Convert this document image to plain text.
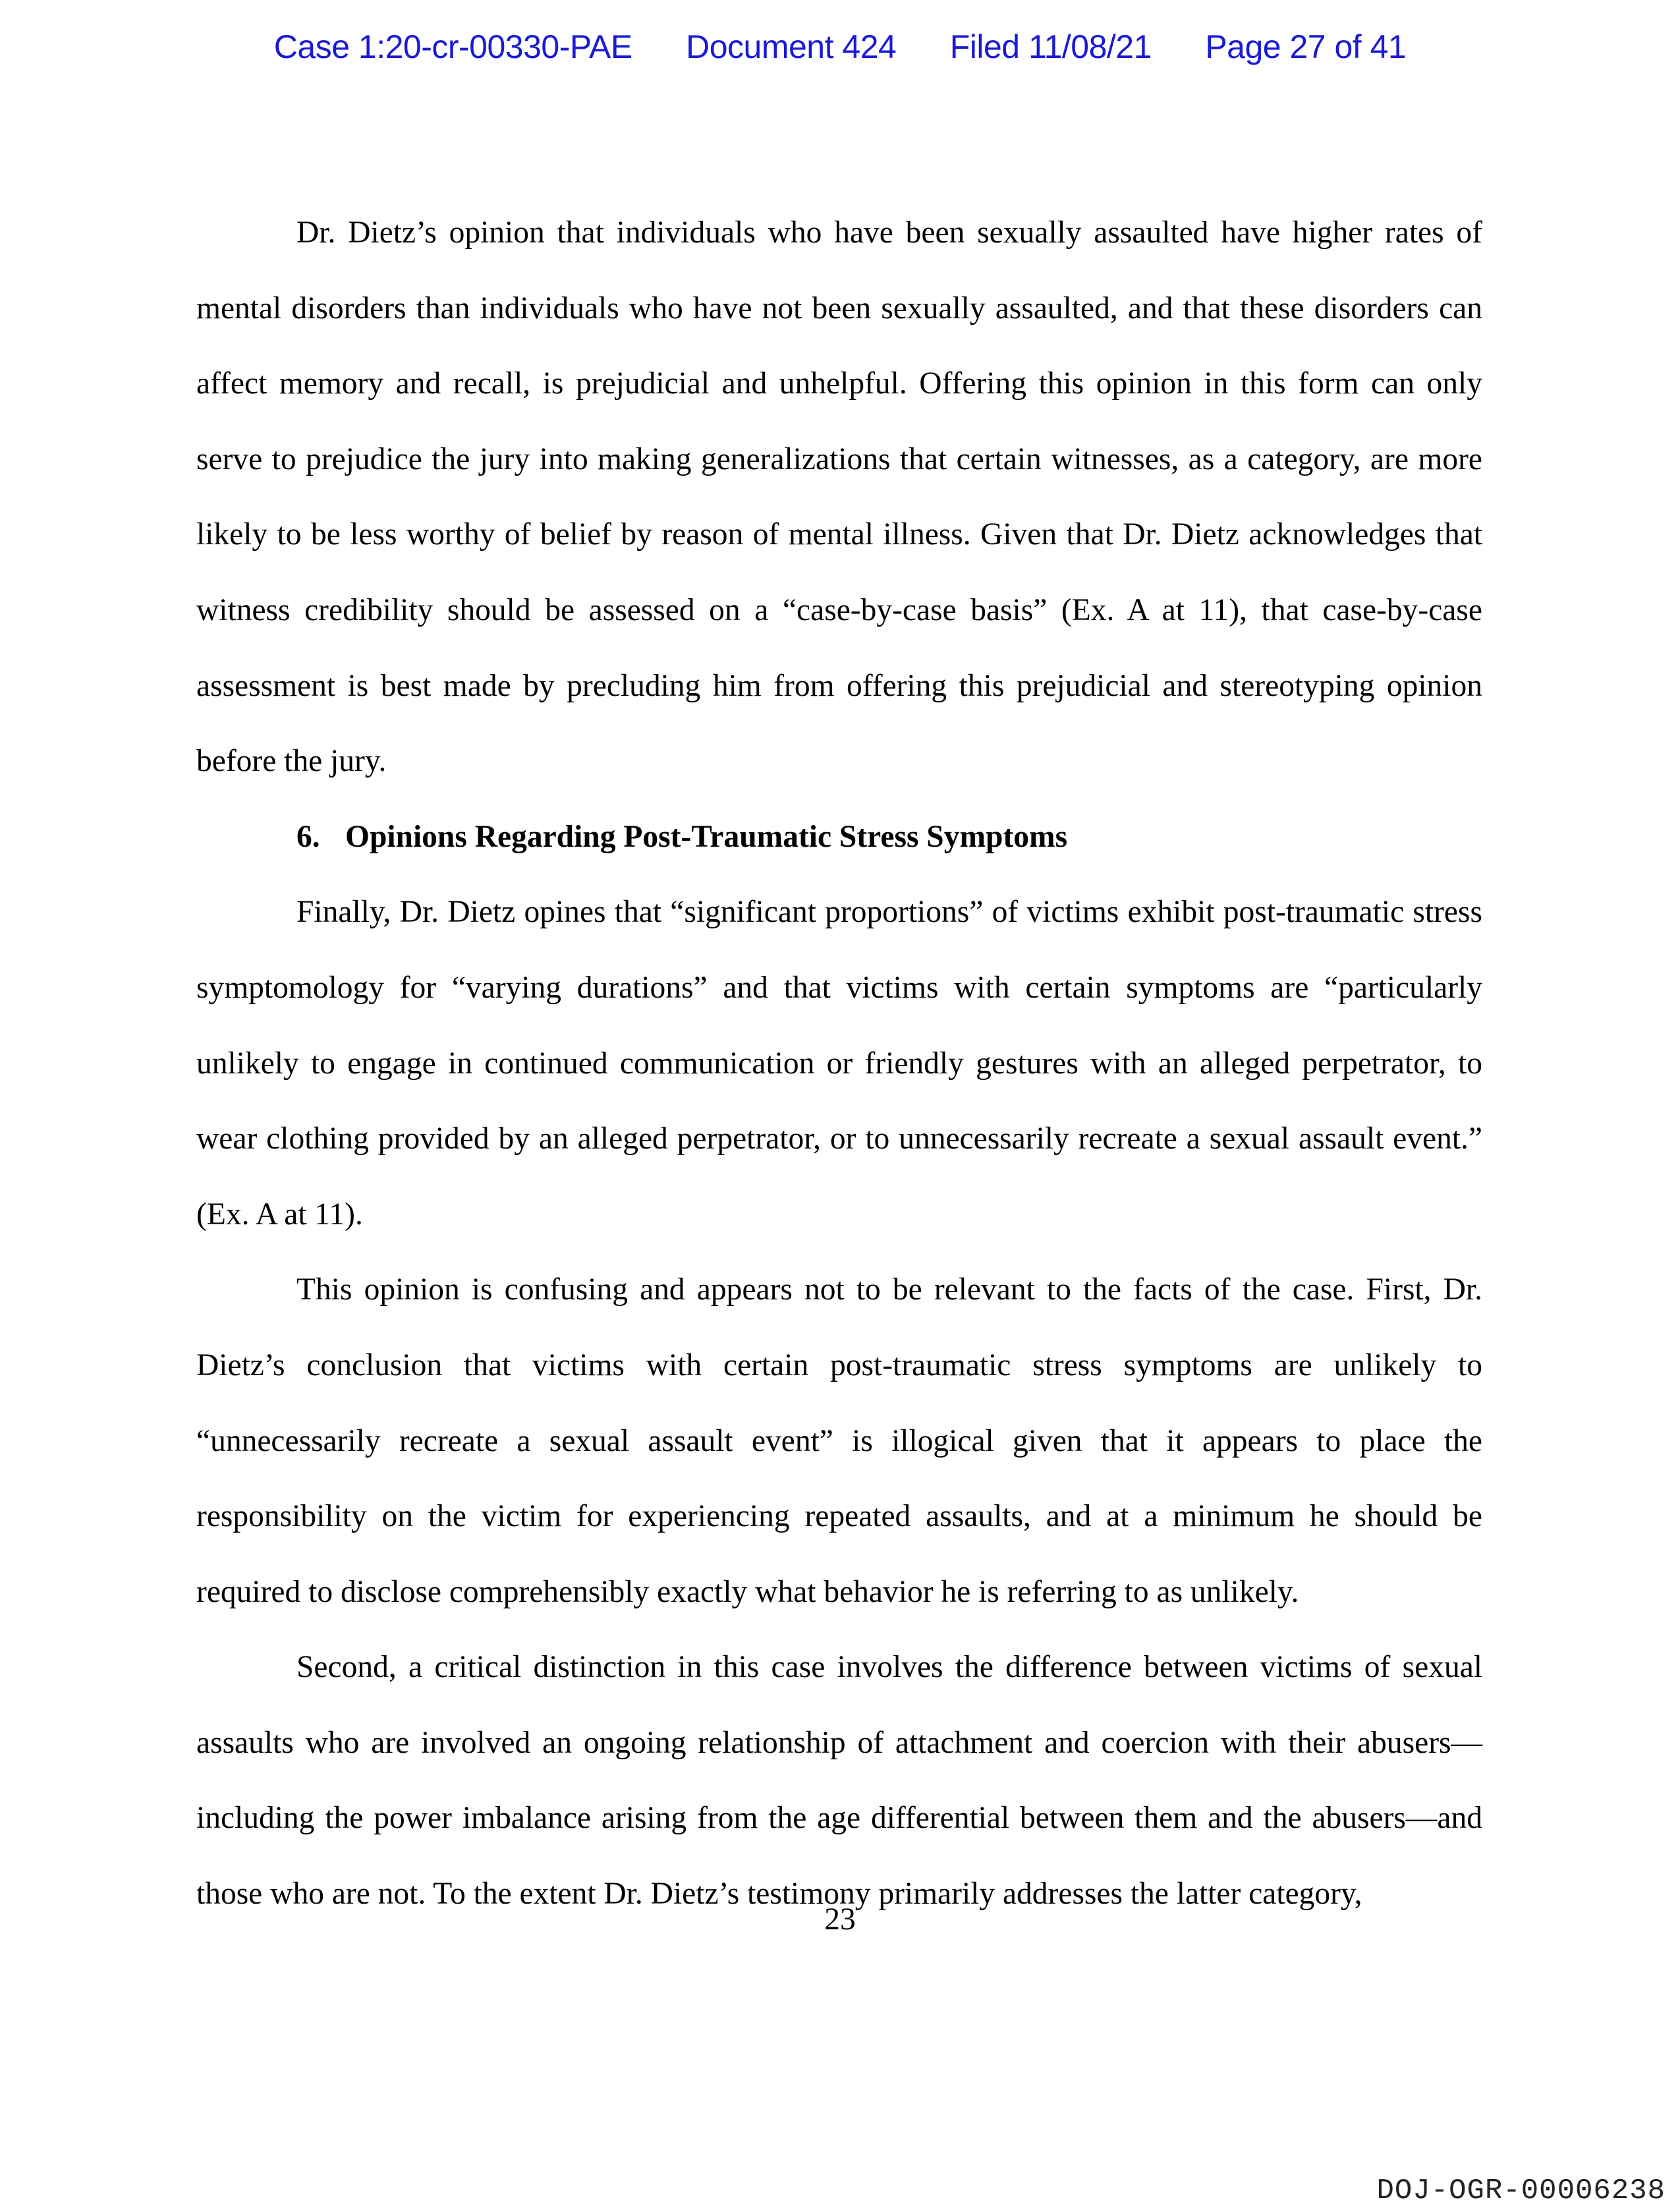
Case 1:20-cr-00330-PAE Document 424 Filed 11/08/21 Page 27 of 41

Dr. Dietz’s opinion that individuals who have been sexually assaulted have higher rates of mental disorders than individuals who have not been sexually assaulted, and that these disorders can affect memory and recall, is prejudicial and unhelpful. Offering this opinion in this form can only serve to prejudice the jury into making generalizations that certain witnesses, as a category, are more likely to be less worthy of belief by reason of mental illness. Given that Dr. Dietz acknowledges that witness credibility should be assessed on a “case-by-case basis” (Ex. A at 11), that case-by-case assessment is best made by precluding him from offering this prejudicial and stereotyping opinion before the jury.

6. Opinions Regarding Post-Traumatic Stress Symptoms

Finally, Dr. Dietz opines that “significant proportions” of victims exhibit post-traumatic stress symptomology for “varying durations” and that victims with certain symptoms are “particularly unlikely to engage in continued communication or friendly gestures with an alleged perpetrator, to wear clothing provided by an alleged perpetrator, or to unnecessarily recreate a sexual assault event.” (Ex. A at 11).

This opinion is confusing and appears not to be relevant to the facts of the case. First, Dr. Dietz’s conclusion that victims with certain post-traumatic stress symptoms are unlikely to “unnecessarily recreate a sexual assault event” is illogical given that it appears to place the responsibility on the victim for experiencing repeated assaults, and at a minimum he should be required to disclose comprehensibly exactly what behavior he is referring to as unlikely.

Second, a critical distinction in this case involves the difference between victims of sexual assaults who are involved an ongoing relationship of attachment and coercion with their abusers—including the power imbalance arising from the age differential between them and the abusers—and those who are not. To the extent Dr. Dietz’s testimony primarily addresses the latter category,

23
DOJ-OGR-00006238
